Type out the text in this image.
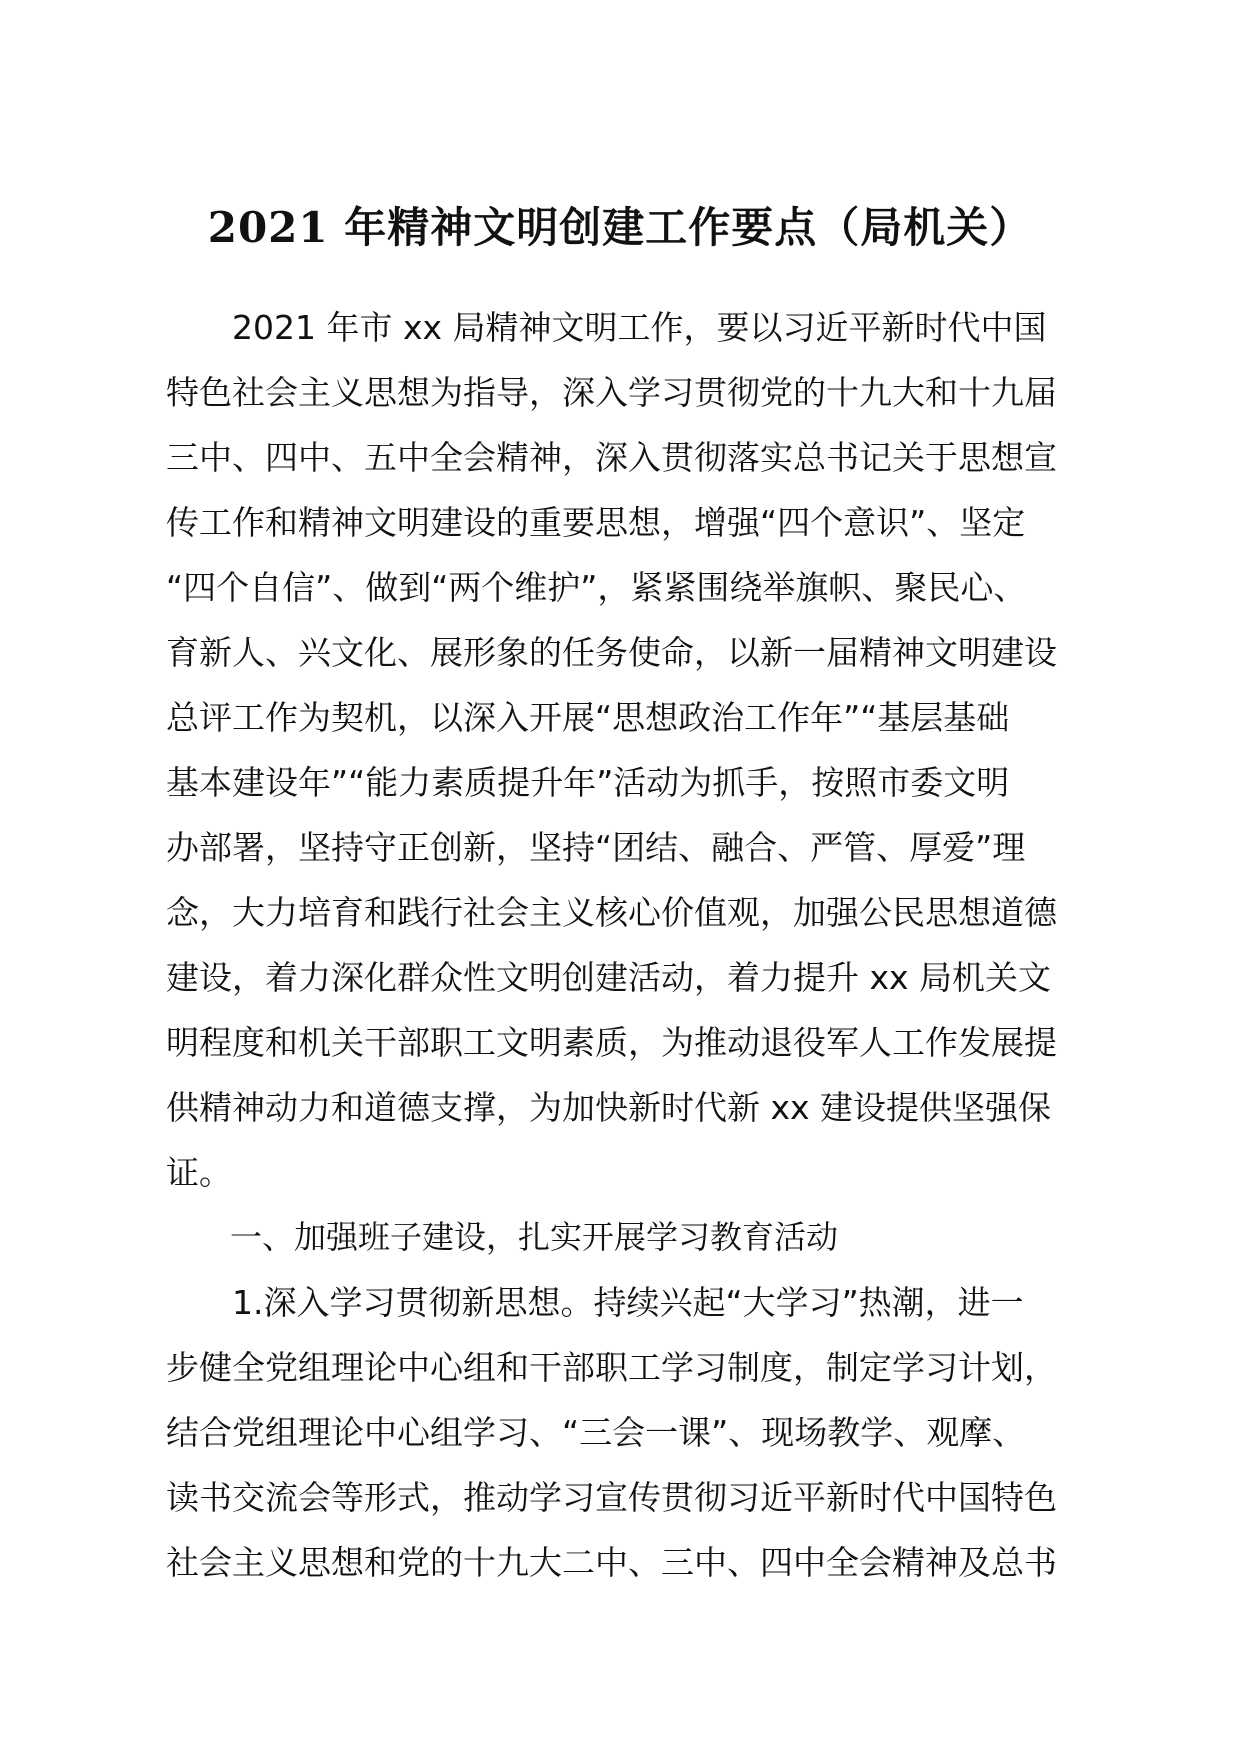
2021 年精神文明创建工作要点（局机关）
　　2021 年市 xx 局精神文明工作，要以习近平新时代中国
特色社会主义思想为指导，深入学习贯彻党的十九大和十九届
三中、四中、五中全会精神，深入贯彻落实总书记关于思想宣
传工作和精神文明建设的重要思想，增强“四个意识”、坚定
“四个自信”、做到“两个维护”，紧紧围绕举旗帜、聚民心、
育新人、兴文化、展形象的任务使命，以新一届精神文明建设
总评工作为契机，以深入开展“思想政治工作年”“基层基础
基本建设年”“能力素质提升年”活动为抓手，按照市委文明
办部署，坚持守正创新，坚持“团结、融合、严管、厚爱”理
念，大力培育和践行社会主义核心价值观，加强公民思想道德
建设，着力深化群众性文明创建活动，着力提升 xx 局机关文
明程度和机关干部职工文明素质，为推动退役军人工作发展提
供精神动力和道德支撑，为加快新时代新 xx 建设提供坚强保
证。
　　一、加强班子建设，扎实开展学习教育活动
　　1.深入学习贯彻新思想。持续兴起“大学习”热潮，进一
步健全党组理论中心组和干部职工学习制度，制定学习计划，
结合党组理论中心组学习、“三会一课”、现场教学、观摩、
读书交流会等形式，推动学习宣传贯彻习近平新时代中国特色
社会主义思想和党的十九大二中、三中、四中全会精神及总书
